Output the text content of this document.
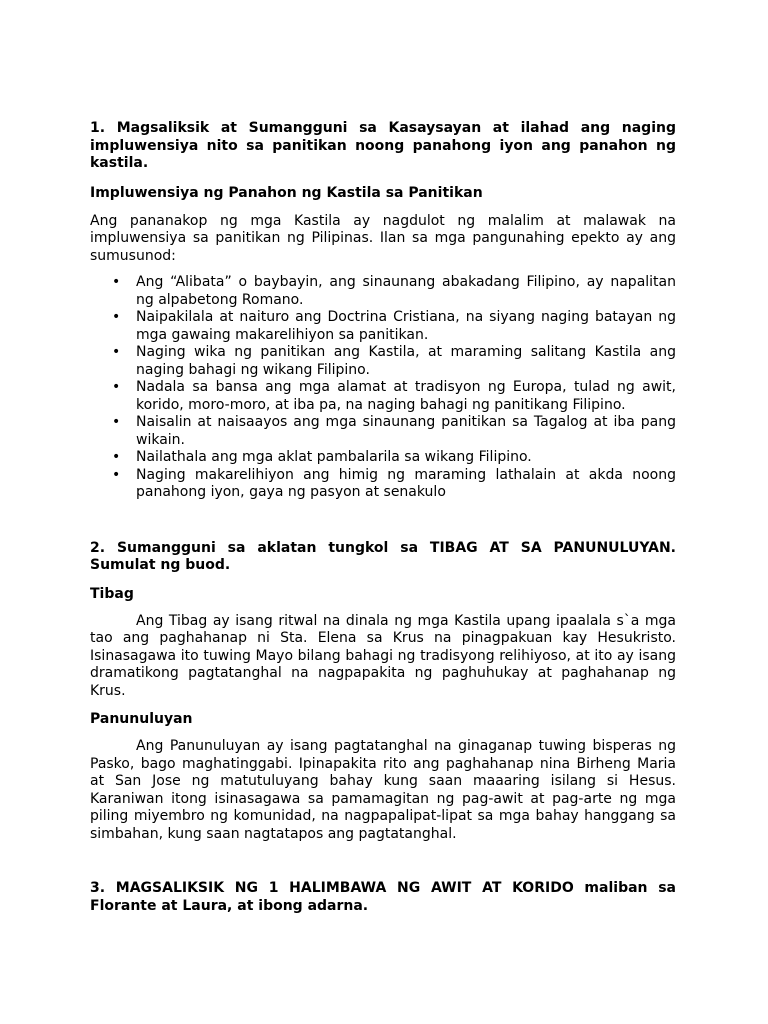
1. Magsaliksik at Sumangguni sa Kasaysayan at ilahad ang naging impluwensiya nito sa panitikan noong panahong iyon ang panahon ng kastila.

Impluwensiya ng Panahon ng Kastila sa Panitikan

Ang pananakop ng mga Kastila ay nagdulot ng malalim at malawak na impluwensiya sa panitikan ng Pilipinas. Ilan sa mga pangunahing epekto ay ang sumusunod:

• Ang “Alibata” o baybayin, ang sinaunang abakadang Filipino, ay napalitan ng alpabetong Romano.
• Naipakilala at naituro ang Doctrina Cristiana, na siyang naging batayan ng mga gawaing makarelihiyon sa panitikan.
• Naging wika ng panitikan ang Kastila, at maraming salitang Kastila ang naging bahagi ng wikang Filipino.
• Nadala sa bansa ang mga alamat at tradisyon ng Europa, tulad ng awit, korido, moro-moro, at iba pa, na naging bahagi ng panitikang Filipino.
• Naisalin at naisaayos ang mga sinaunang panitikan sa Tagalog at iba pang wikain.
• Nailathala ang mga aklat pambalarila sa wikang Filipino.
• Naging makarelihiyon ang himig ng maraming lathalain at akda noong panahong iyon, gaya ng pasyon at senakulo

2. Sumangguni sa aklatan tungkol sa TIBAG AT SA PANUNULUYAN. Sumulat ng buod.

Tibag

Ang Tibag ay isang ritwal na dinala ng mga Kastila upang ipaalala s`a mga tao ang paghahanap ni Sta. Elena sa Krus na pinagpakuan kay Hesukristo. Isinasagawa ito tuwing Mayo bilang bahagi ng tradisyong relihiyoso, at ito ay isang dramatikong pagtatanghal na nagpapakita ng paghuhukay at paghahanap ng Krus.

Panunuluyan

Ang Panunuluyan ay isang pagtatanghal na ginaganap tuwing bisperas ng Pasko, bago maghatinggabi. Ipinapakita rito ang paghahanap nina Birheng Maria at San Jose ng matutuluyang bahay kung saan maaaring isilang si Hesus. Karaniwan itong isinasagawa sa pamamagitan ng pag-awit at pag-arte ng mga piling miyembro ng komunidad, na nagpapalipat-lipat sa mga bahay hanggang sa simbahan, kung saan nagtatapos ang pagtatanghal.

3. MAGSALIKSIK NG 1 HALIMBAWA NG AWIT AT KORIDO maliban sa Florante at Laura, at ibong adarna.
